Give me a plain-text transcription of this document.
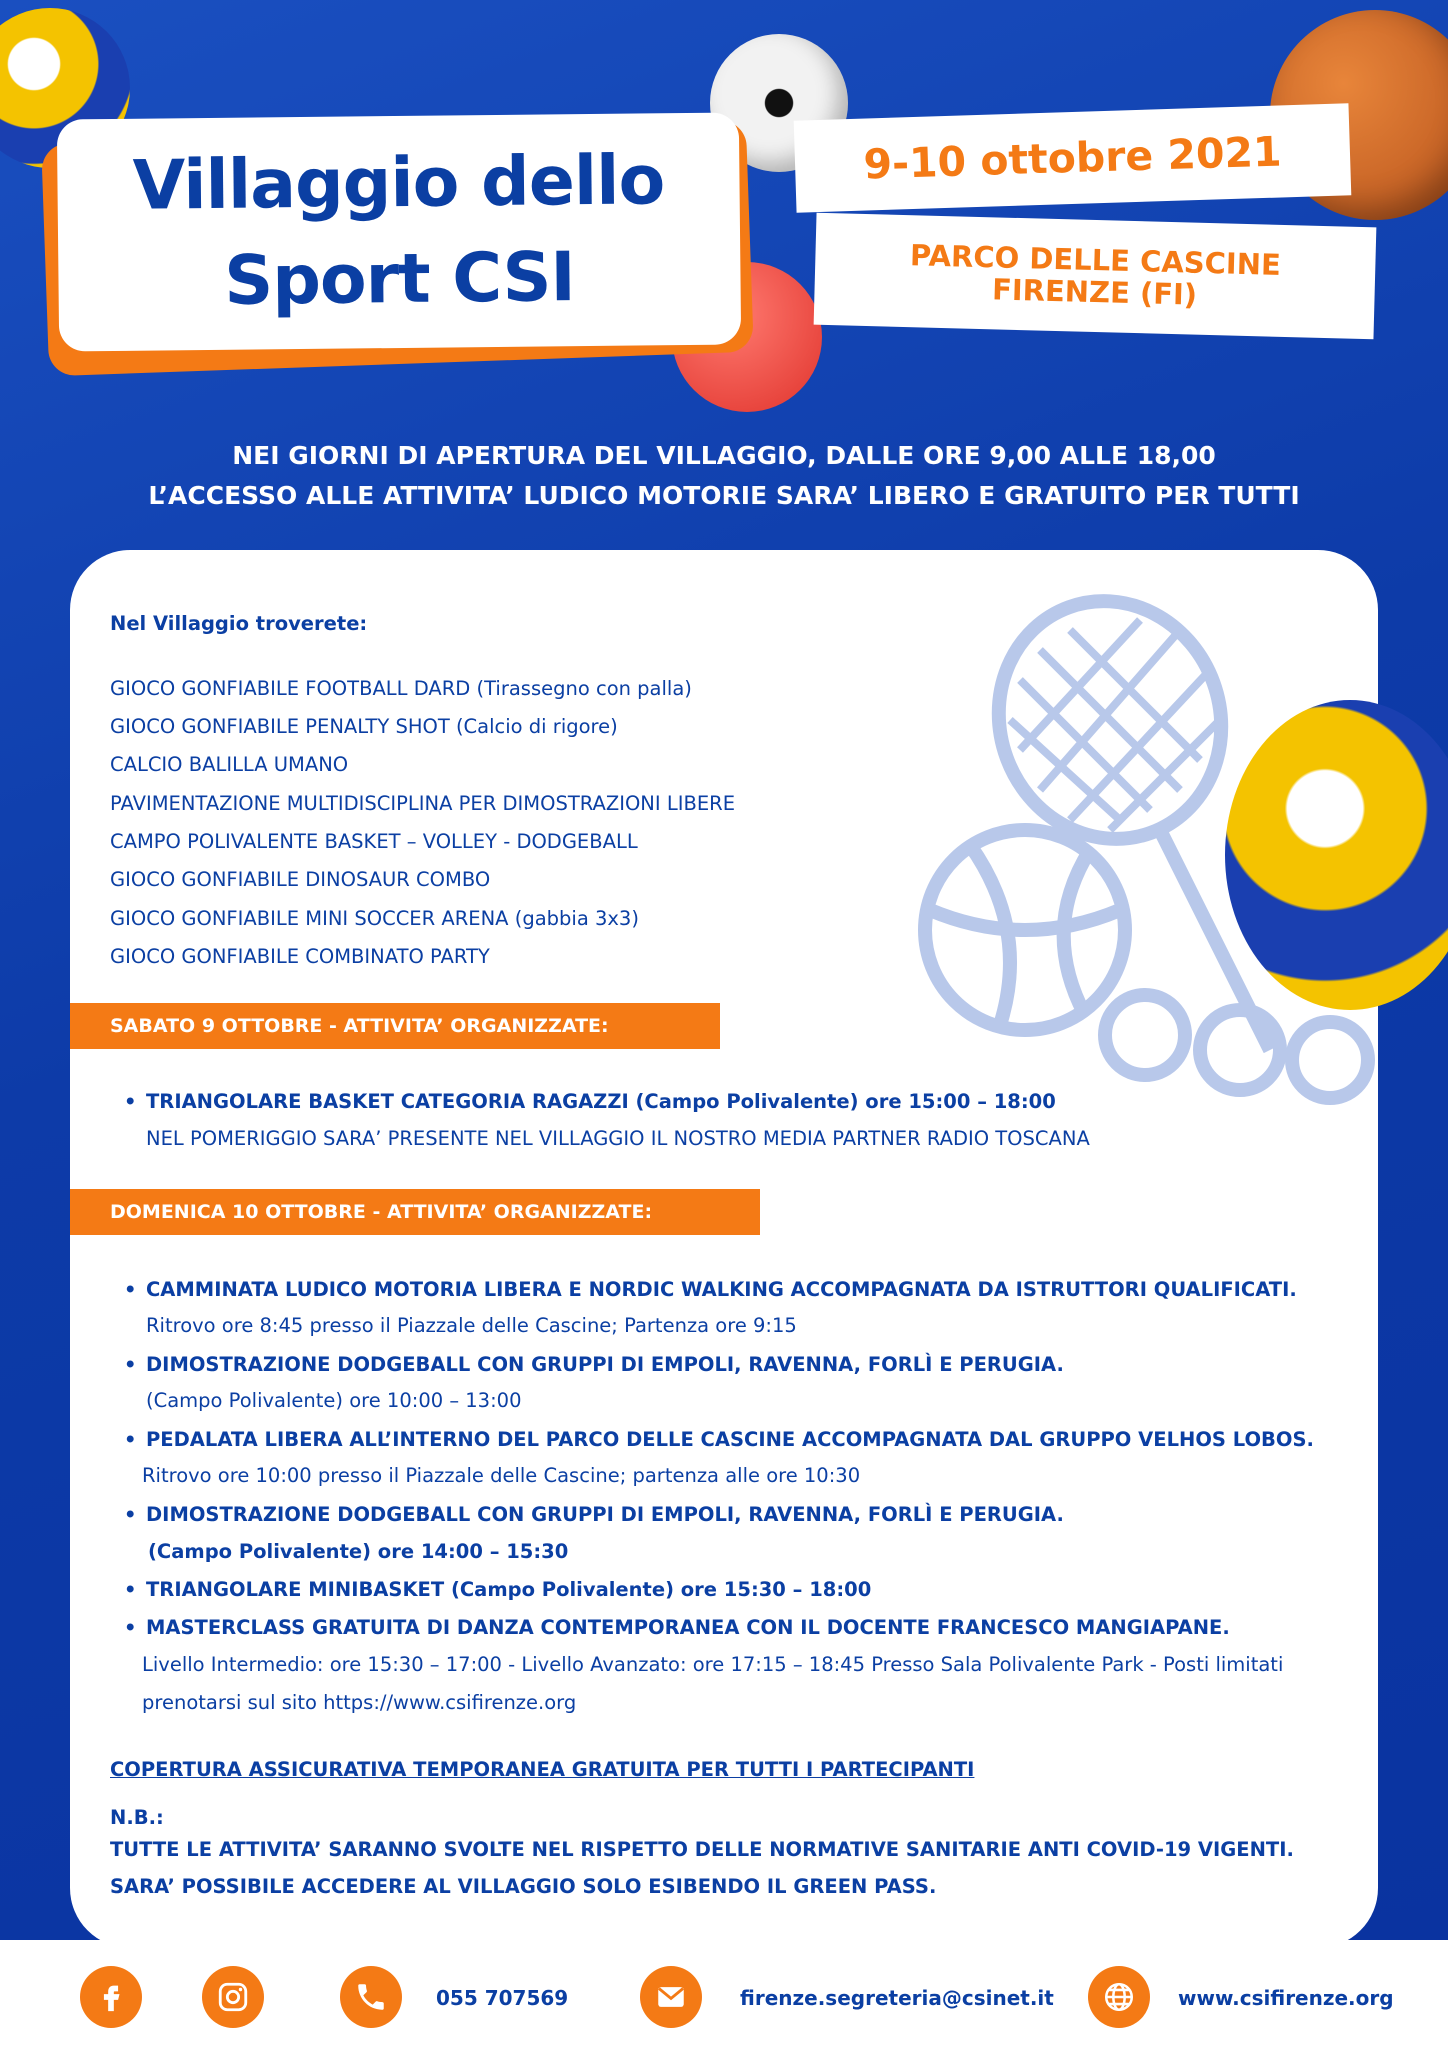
Villaggio dello
Sport CSI
9-10 ottobre 2021
PARCO DELLE CASCINE
FIRENZE (FI)
NEI GIORNI DI APERTURA DEL VILLAGGIO, DALLE ORE 9,00 ALLE 18,00
L’ACCESSO ALLE ATTIVITA’ LUDICO MOTORIE SARA’ LIBERO E GRATUITO PER TUTTI
Nel Villaggio troverete:
GIOCO GONFIABILE FOOTBALL DARD (Tirassegno con palla)
GIOCO GONFIABILE PENALTY SHOT (Calcio di rigore)
CALCIO BALILLA UMANO
PAVIMENTAZIONE MULTIDISCIPLINA PER DIMOSTRAZIONI LIBERE
CAMPO POLIVALENTE BASKET – VOLLEY - DODGEBALL
GIOCO GONFIABILE DINOSAUR COMBO
GIOCO GONFIABILE MINI SOCCER ARENA (gabbia 3x3)
GIOCO GONFIABILE COMBINATO PARTY
SABATO 9 OTTOBRE - ATTIVITA’ ORGANIZZATE:
• TRIANGOLARE BASKET CATEGORIA RAGAZZI (Campo Polivalente) ore 15:00 – 18:00
NEL POMERIGGIO SARA’ PRESENTE NEL VILLAGGIO IL NOSTRO MEDIA PARTNER RADIO TOSCANA
DOMENICA 10 OTTOBRE - ATTIVITA’ ORGANIZZATE:
• CAMMINATA LUDICO MOTORIA LIBERA E NORDIC WALKING ACCOMPAGNATA DA ISTRUTTORI QUALIFICATI.
Ritrovo ore 8:45 presso il Piazzale delle Cascine; Partenza ore 9:15
• DIMOSTRAZIONE DODGEBALL CON GRUPPI DI EMPOLI, RAVENNA, FORLÌ E PERUGIA.
(Campo Polivalente) ore 10:00 – 13:00
• PEDALATA LIBERA ALL’INTERNO DEL PARCO DELLE CASCINE ACCOMPAGNATA DAL GRUPPO VELHOS LOBOS.
Ritrovo ore 10:00 presso il Piazzale delle Cascine; partenza alle ore 10:30
• DIMOSTRAZIONE DODGEBALL CON GRUPPI DI EMPOLI, RAVENNA, FORLÌ E PERUGIA.
(Campo Polivalente) ore 14:00 – 15:30
• TRIANGOLARE MINIBASKET (Campo Polivalente) ore 15:30 – 18:00
• MASTERCLASS GRATUITA DI DANZA CONTEMPORANEA CON IL DOCENTE FRANCESCO MANGIAPANE.
Livello Intermedio: ore 15:30 – 17:00 - Livello Avanzato: ore 17:15 – 18:45 Presso Sala Polivalente Park - Posti limitati
prenotarsi sul sito https://www.csifirenze.org
COPERTURA ASSICURATIVA TEMPORANEA GRATUITA PER TUTTI I PARTECIPANTI
N.B.:
TUTTE LE ATTIVITA’ SARANNO SVOLTE NEL RISPETTO DELLE NORMATIVE SANITARIE ANTI COVID-19 VIGENTI.
SARA’ POSSIBILE ACCEDERE AL VILLAGGIO SOLO ESIBENDO IL GREEN PASS.
055 707569	firenze.segreteria@csinet.it	www.csifirenze.org
